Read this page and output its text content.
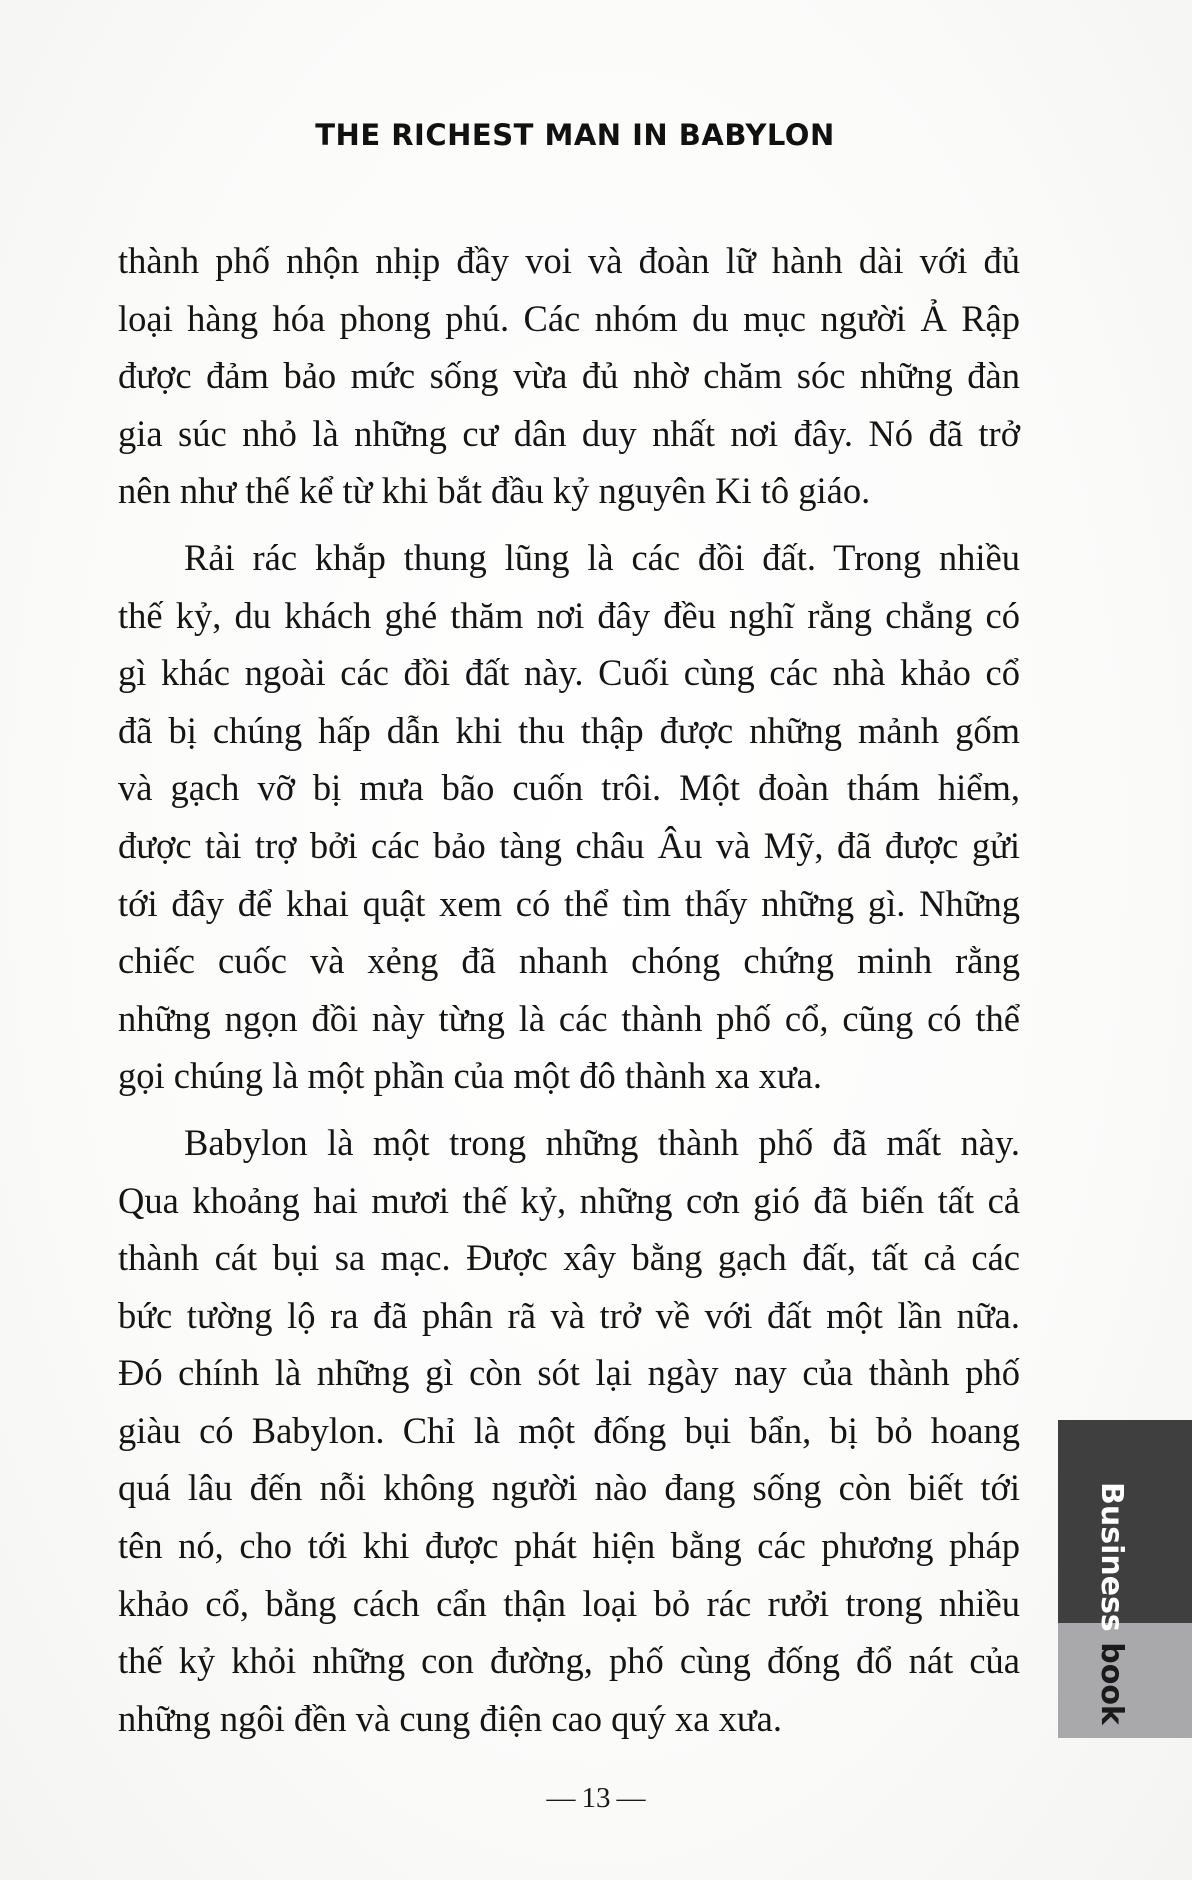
THE RICHEST MAN IN BABYLON
thành phố nhộn nhịp đầy voi và đoàn lữ hành dài với đủ
loại hàng hóa phong phú. Các nhóm du mục người Ả Rập
được đảm bảo mức sống vừa đủ nhờ chăm sóc những đàn
gia súc nhỏ là những cư dân duy nhất nơi đây. Nó đã trở
nên như thế kể từ khi bắt đầu kỷ nguyên Ki tô giáo.
Rải rác khắp thung lũng là các đồi đất. Trong nhiều
thế kỷ, du khách ghé thăm nơi đây đều nghĩ rằng chẳng có
gì khác ngoài các đồi đất này. Cuối cùng các nhà khảo cổ
đã bị chúng hấp dẫn khi thu thập được những mảnh gốm
và gạch vỡ bị mưa bão cuốn trôi. Một đoàn thám hiểm,
được tài trợ bởi các bảo tàng châu Âu và Mỹ, đã được gửi
tới đây để khai quật xem có thể tìm thấy những gì. Những
chiếc cuốc và xẻng đã nhanh chóng chứng minh rằng
những ngọn đồi này từng là các thành phố cổ, cũng có thể
gọi chúng là một phần của một đô thành xa xưa.
Babylon là một trong những thành phố đã mất này.
Qua khoảng hai mươi thế kỷ, những cơn gió đã biến tất cả
thành cát bụi sa mạc. Được xây bằng gạch đất, tất cả các
bức tường lộ ra đã phân rã và trở về với đất một lần nữa.
Đó chính là những gì còn sót lại ngày nay của thành phố
giàu có Babylon. Chỉ là một đống bụi bẩn, bị bỏ hoang
quá lâu đến nỗi không người nào đang sống còn biết tới
tên nó, cho tới khi được phát hiện bằng các phương pháp
khảo cổ, bằng cách cẩn thận loại bỏ rác rưởi trong nhiều
thế kỷ khỏi những con đường, phố cùng đống đổ nát của
những ngôi đền và cung điện cao quý xa xưa.
Business book
— 13 —
